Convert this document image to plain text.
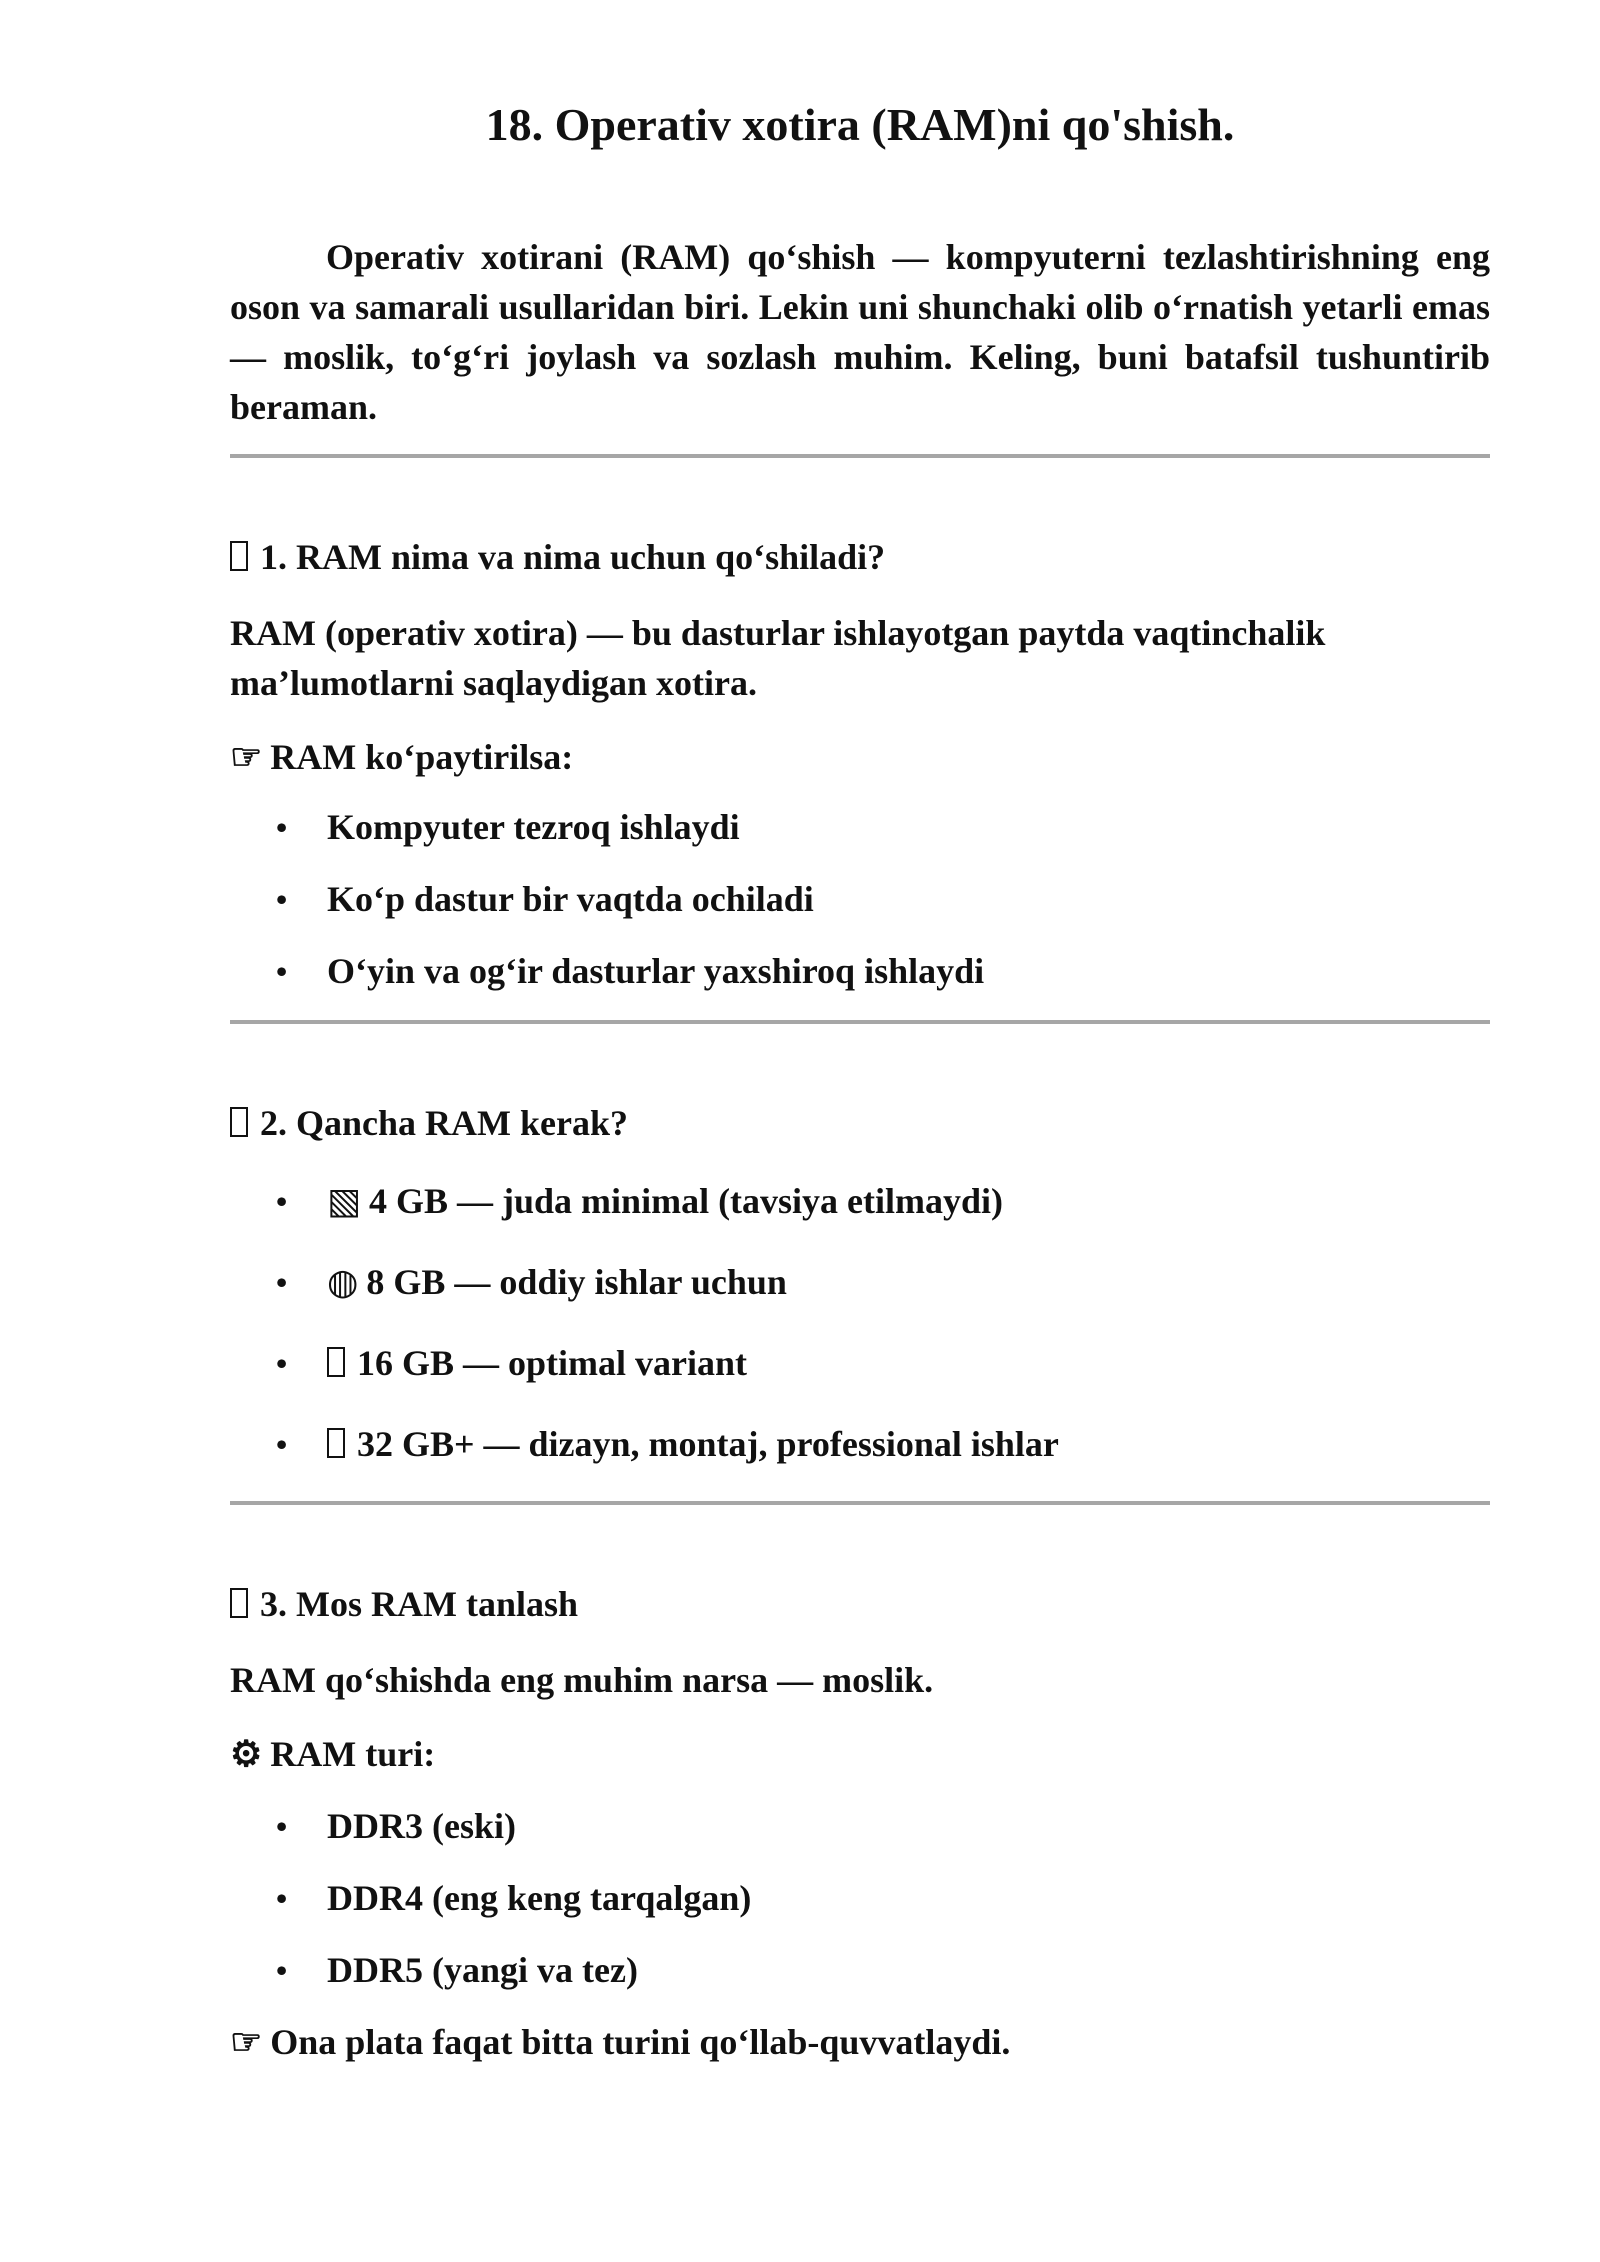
18. Operativ xotira (RAM)ni qo'shish.

Operativ xotirani (RAM) qo‘shish — kompyuterni tezlashtirishning eng oson va samarali usullaridan biri. Lekin uni shunchaki olib o‘rnatish yetarli emas — moslik, to‘g‘ri joylash va sozlash muhim. Keling, buni batafsil tushuntirib beraman.

1. RAM nima va nima uchun qo‘shiladi?

RAM (operativ xotira) — bu dasturlar ishlayotgan paytda vaqtinchalik ma’lumotlarni saqlaydigan xotira.

☞ RAM ko‘paytirilsa:

• Kompyuter tezroq ishlaydi
• Ko‘p dastur bir vaqtda ochiladi
• O‘yin va og‘ir dasturlar yaxshiroq ishlaydi
2. Qancha RAM kerak?
• ▧ 4 GB — juda minimal (tavsiya etilmaydi)
• ◍ 8 GB — oddiy ishlar uchun
• 16 GB — optimal variant
• 32 GB+ — dizayn, montaj, professional ishlar
3. Mos RAM tanlash

RAM qo‘shishda eng muhim narsa — moslik.

⚙ RAM turi:

• DDR3 (eski)
• DDR4 (eng keng tarqalgan)
• DDR5 (yangi va tez)

☞ Ona plata faqat bitta turini qo‘llab-quvvatlaydi.
